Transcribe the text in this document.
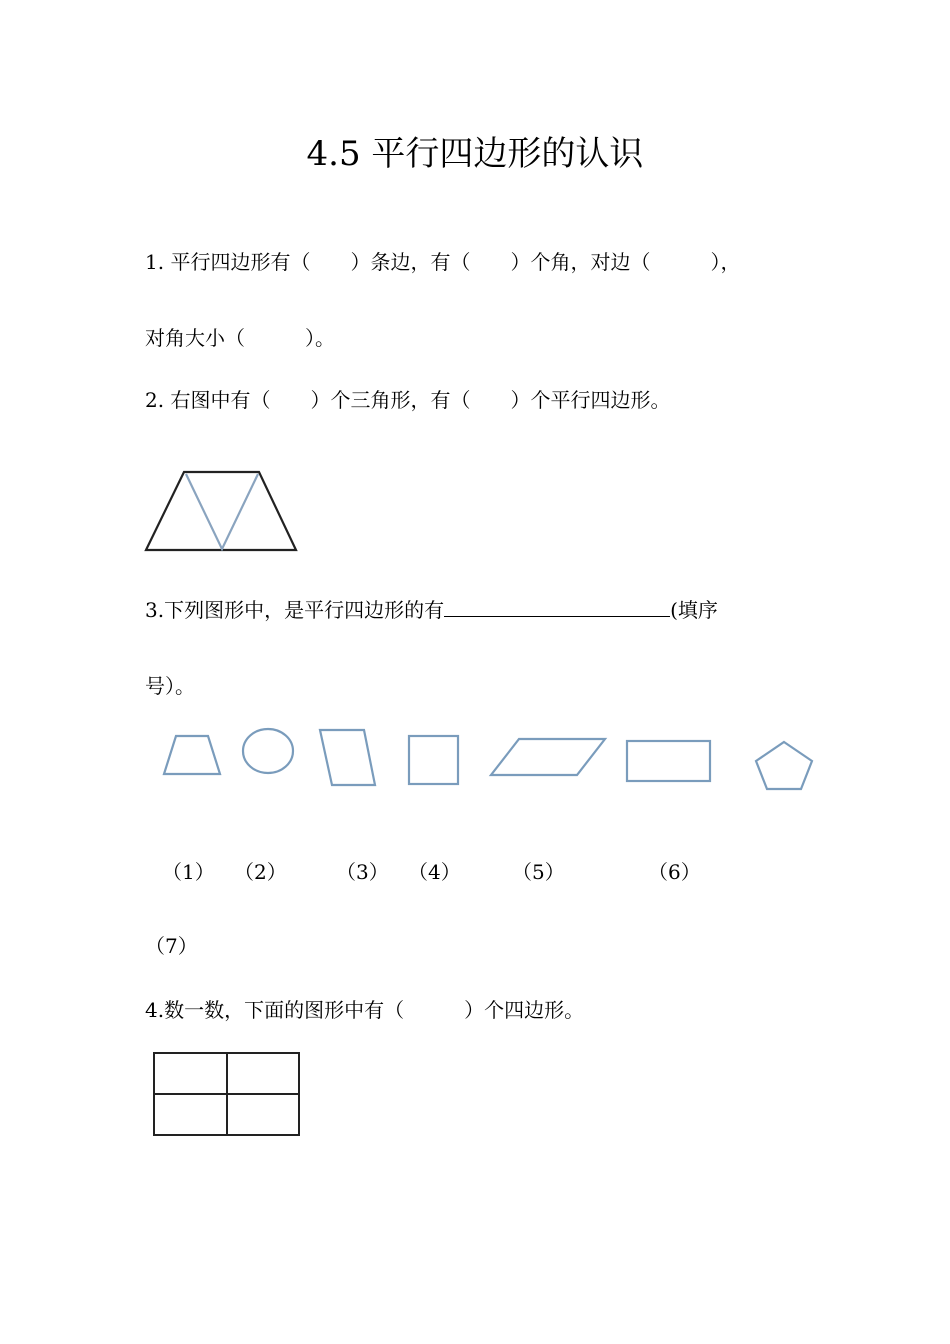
4.5 平行四边形的认识
1. 平行四边形有（　　）条边，有（　　）个角，对边（　　　），
对角大小（　　　）。
2. 右图中有（　　）个三角形，有（　　）个平行四边形。
3.下列图形中，是平行四边形的有	(填序
号）。
（1） （2） （3） （4）	（5）	（6）
（7）
4.数一数，下面的图形中有（　　　）个四边形。
